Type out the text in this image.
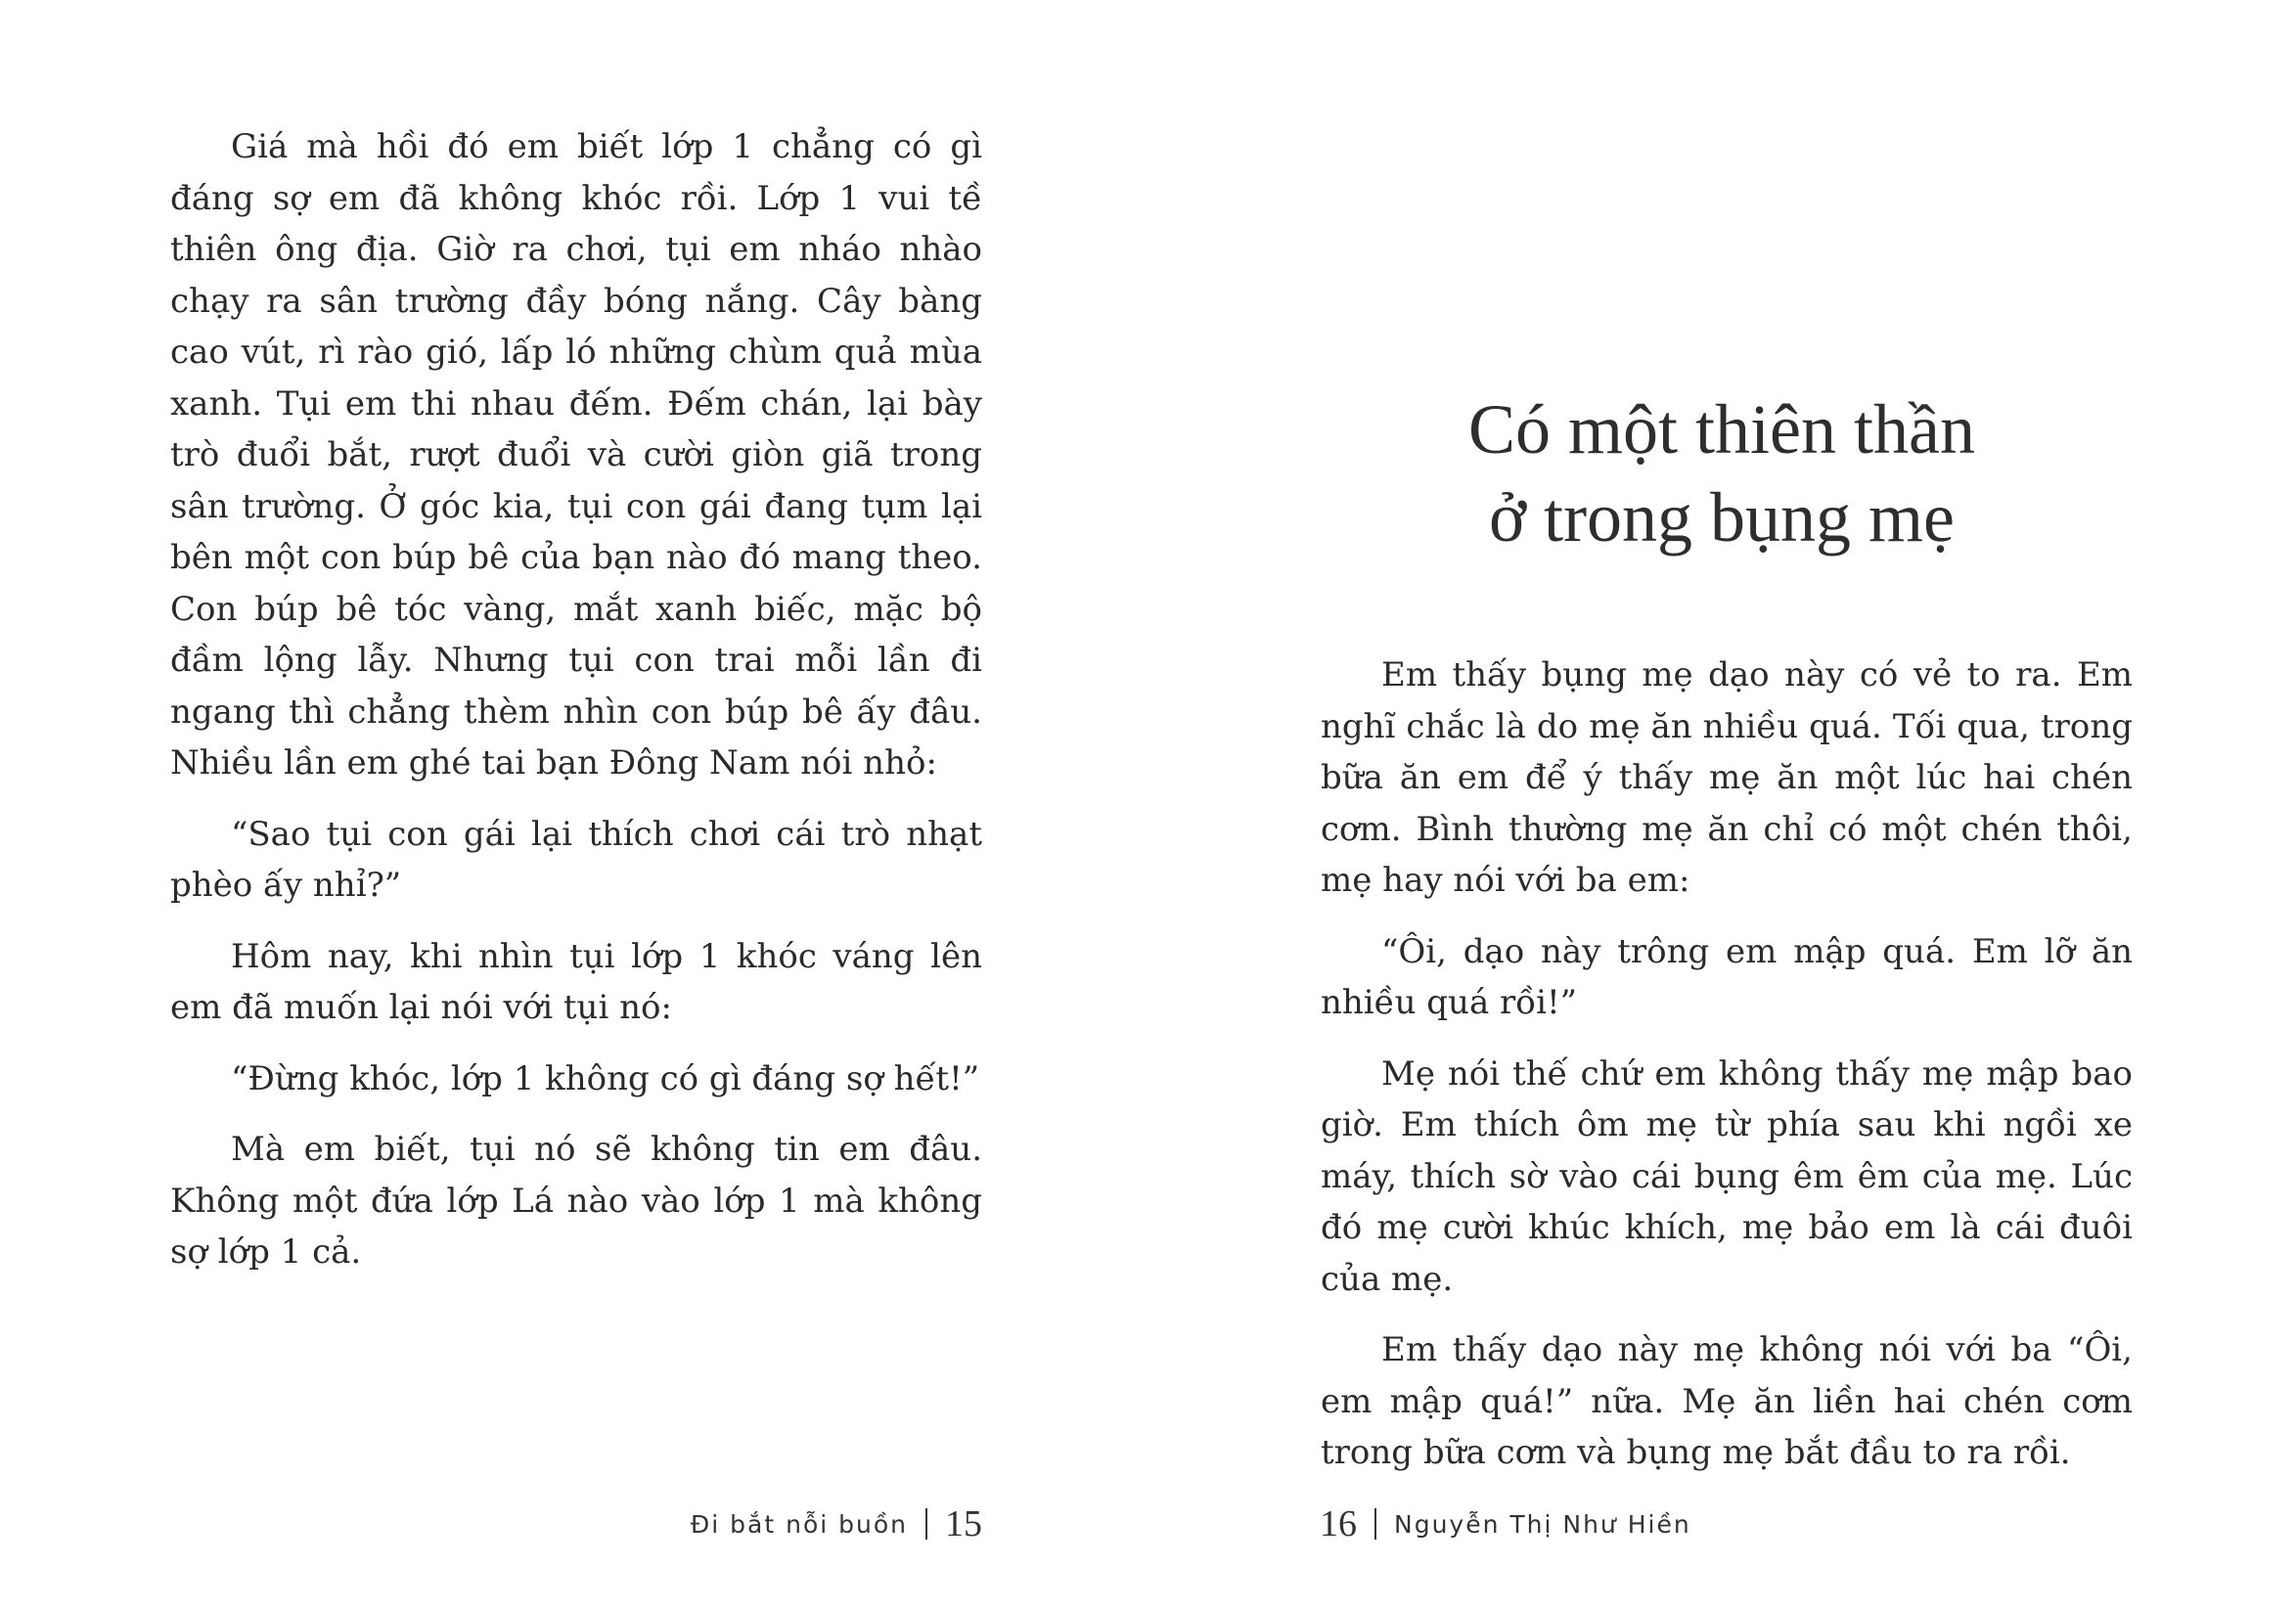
Giá mà hồi đó em biết lớp 1 chẳng có gì đáng sợ em đã không khóc rồi. Lớp 1 vui tề thiên ông địa. Giờ ra chơi, tụi em nháo nhào chạy ra sân trường đầy bóng nắng. Cây bàng cao vút, rì rào gió, lấp ló những chùm quả mùa xanh. Tụi em thi nhau đếm. Đếm chán, lại bày trò đuổi bắt, rượt đuổi và cười giòn giã trong sân trường. Ở góc kia, tụi con gái đang tụm lại bên một con búp bê của bạn nào đó mang theo. Con búp bê tóc vàng, mắt xanh biếc, mặc bộ đầm lộng lẫy. Nhưng tụi con trai mỗi lần đi ngang thì chẳng thèm nhìn con búp bê ấy đâu. Nhiều lần em ghé tai bạn Đông Nam nói nhỏ:

“Sao tụi con gái lại thích chơi cái trò nhạt phèo ấy nhỉ?”

Hôm nay, khi nhìn tụi lớp 1 khóc váng lên em đã muốn lại nói với tụi nó:

“Đừng khóc, lớp 1 không có gì đáng sợ hết!”

Mà em biết, tụi nó sẽ không tin em đâu. Không một đứa lớp Lá nào vào lớp 1 mà không sợ lớp 1 cả.

Đi bắt nỗi buồn 15
Có một thiên thần
ở trong bụng mẹ

Em thấy bụng mẹ dạo này có vẻ to ra. Em nghĩ chắc là do mẹ ăn nhiều quá. Tối qua, trong bữa ăn em để ý thấy mẹ ăn một lúc hai chén cơm. Bình thường mẹ ăn chỉ có một chén thôi, mẹ hay nói với ba em:

“Ôi, dạo này trông em mập quá. Em lỡ ăn nhiều quá rồi!”

Mẹ nói thế chứ em không thấy mẹ mập bao giờ. Em thích ôm mẹ từ phía sau khi ngồi xe máy, thích sờ vào cái bụng êm êm của mẹ. Lúc đó mẹ cười khúc khích, mẹ bảo em là cái đuôi của mẹ.

Em thấy dạo này mẹ không nói với ba “Ôi, em mập quá!” nữa. Mẹ ăn liền hai chén cơm trong bữa cơm và bụng mẹ bắt đầu to ra rồi.

16 Nguyễn Thị Như Hiền
